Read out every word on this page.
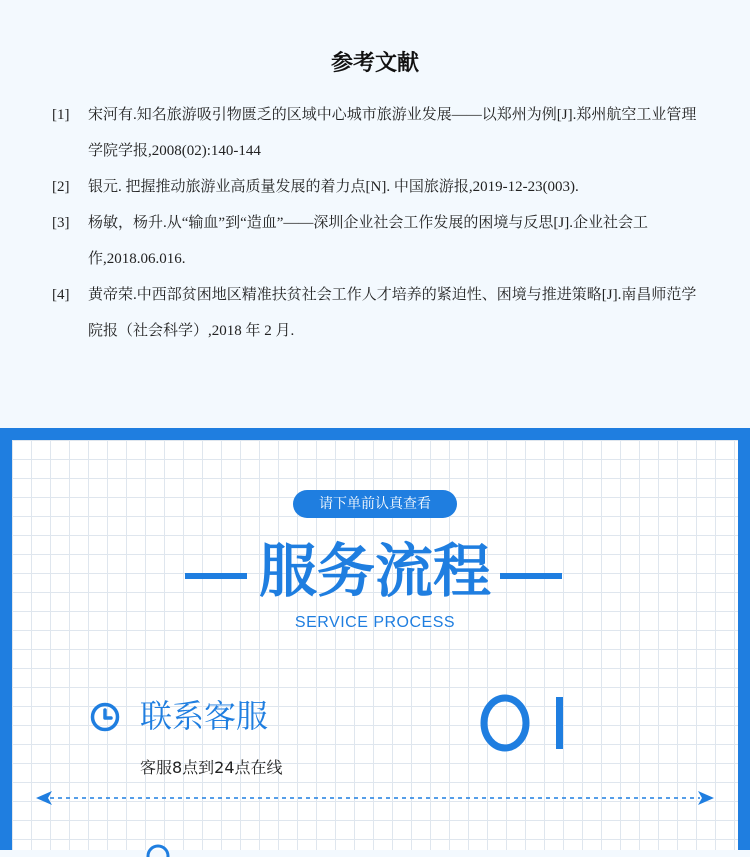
参考文献
[1] 宋河有.知名旅游吸引物匮乏的区域中心城市旅游业发展——以郑州为例[J].郑州航空工业管理学院学报,2008(02):140-144
[2] 银元. 把握推动旅游业高质量发展的着力点[N]. 中国旅游报,2019-12-23(003).
[3] 杨敏，杨升.从“输血”到“造血”——深圳企业社会工作发展的困境与反思[J].企业社会工作,2018.06.016.
[4] 黄帝荣.中西部贫困地区精准扶贫社会工作人才培养的紧迫性、困境与推进策略[J].南昌师范学院报（社会科学）,2018 年 2 月.
请下单前认真查看
服务流程
SERVICE PROCESS
联系客服
客服8点到24点在线
